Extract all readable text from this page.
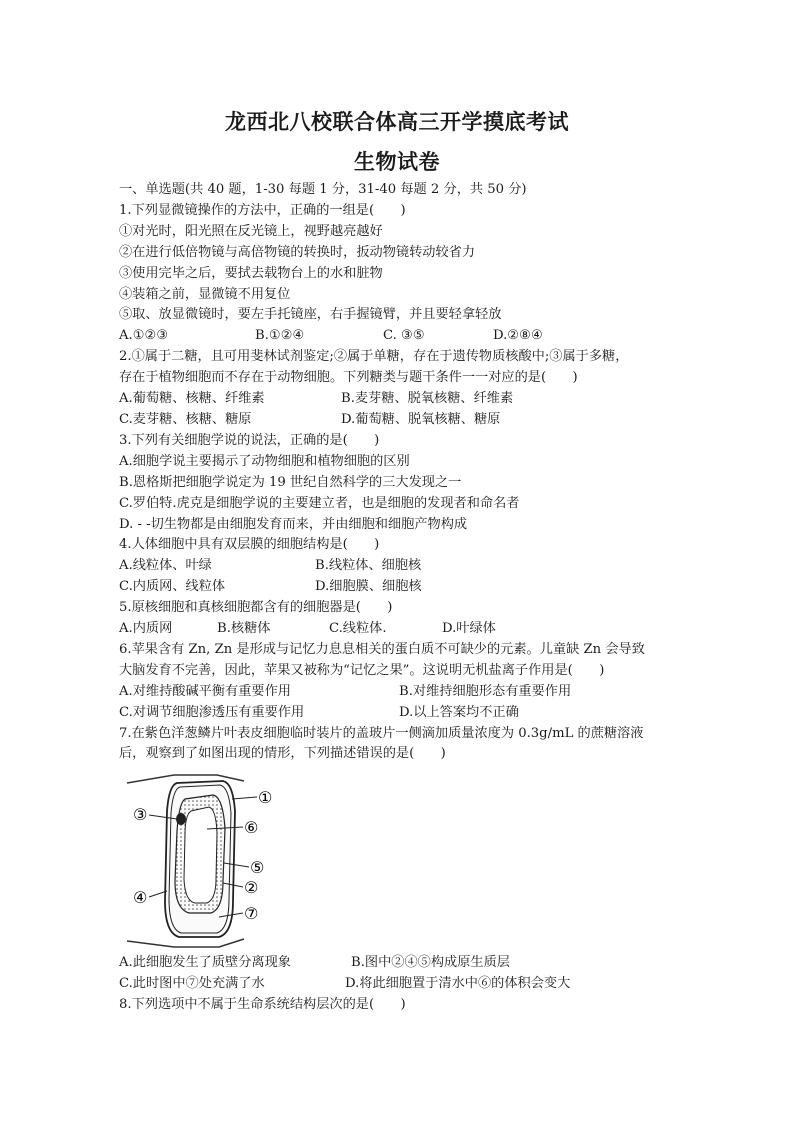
龙西北八校联合体高三开学摸底考试
生物试卷

一、单选题(共 40 题，1-30 每题 1 分，31-40 每题 2 分，共 50 分)

1.下列显微镜操作的方法中，正确的一组是(　　)

①对光时，阳光照在反光镜上，视野越亮越好

②在进行低倍物镜与高倍物镜的转换时，扳动物镜转动较省力

③使用完毕之后，要拭去载物台上的水和脏物

④装箱之前，显微镜不用复位

⑤取、放显微镜时，要左手托镜座，右手握镜臂，并且要轻拿轻放

A.①②③	B.①②④	C. ③⑤	D.②⑧④

2.①属于二糖，且可用斐林试剂鉴定;②属于单糖，存在于遗传物质核酸中;③属于多糖，

存在于植物细胞而不存在于动物细胞。下列糖类与题干条件一一对应的是(　　)

A.葡萄糖、核糖、纤维素	B.麦芽糖、脱氧核糖、纤维素
C.麦芽糖、核糖、糖原	D.葡萄糖、脱氧核糖、糖原

3.下列有关细胞学说的说法，正确的是(　　)

A.细胞学说主要揭示了动物细胞和植物细胞的区别

B.恩格斯把细胞学说定为 19 世纪自然科学的三大发现之一

C.罗伯特.虎克是细胞学说的主要建立者，也是细胞的发现者和命名者

D. - -切生物都是由细胞发育而来，并由细胞和细胞产物构成

4.人体细胞中具有双层膜的细胞结构是(　　)

A.线粒体、叶绿	B.线粒体、细胞核
C.内质网、线粒体	D.细胞膜、细胞核

5.原核细胞和真核细胞都含有的细胞器是(　　)

A.内质网	B.核糖体	C.线粒体.	D.叶绿体

6.苹果含有 Zn, Zn 是形成与记忆力息息相关的蛋白质不可缺少的元素。儿童缺 Zn 会导致

大脑发育不完善，因此，苹果又被称为“记忆之果”。这说明无机盐离子作用是(　　)

A.对维持酸碱平衡有重要作用	B.对维持细胞形态有重要作用
C.对调节细胞渗透压有重要作用	D.以上答案均不正确

7.在紫色洋葱鳞片叶表皮细胞临时装片的盖玻片一侧滴加质量浓度为 0.3g/mL 的蔗糖溶液

后，观察到了如图出现的情形，下列描述错误的是(　　)

③
①
⑥
⑤
④
②
⑦
A.此细胞发生了质壁分离现象	B.图中②④⑤构成原生质层
C.此时图中⑦处充满了水	D.将此细胞置于清水中⑥的体积会变大

8.下列选项中不属于生命系统结构层次的是(　　)
